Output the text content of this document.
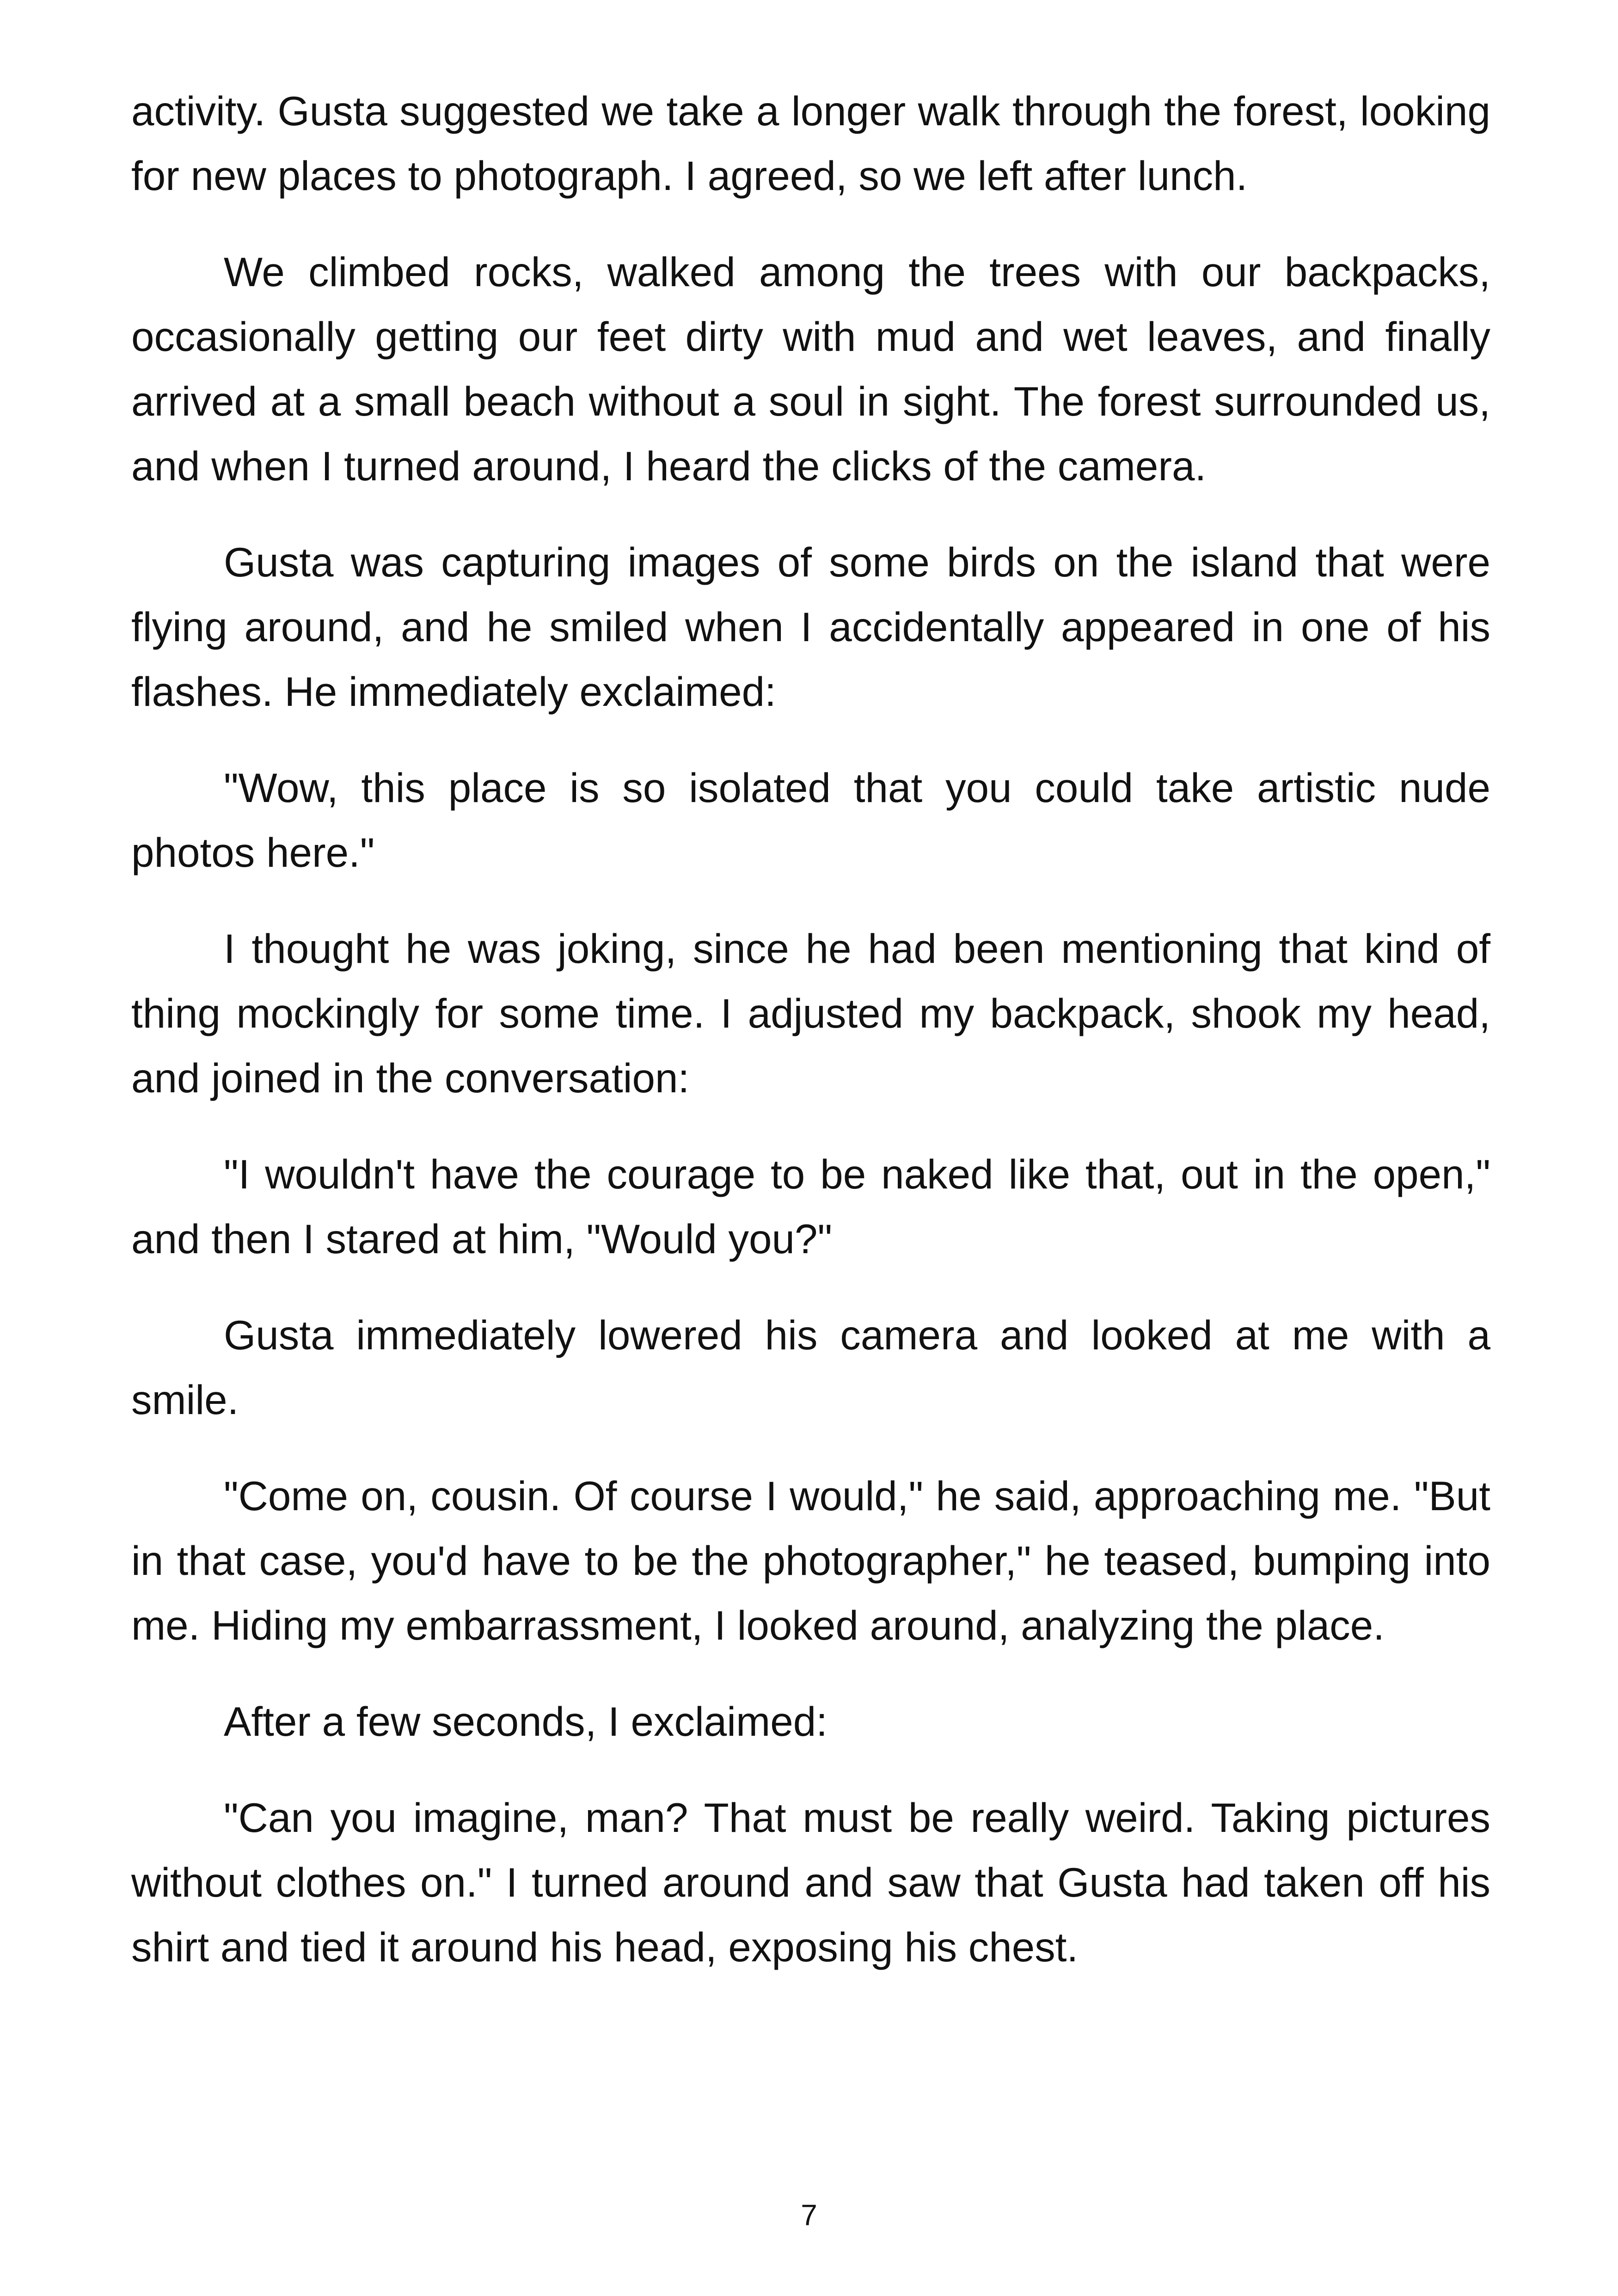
activity. Gusta suggested we take a longer walk through the forest, looking for new places to photograph. I agreed, so we left after lunch.

We climbed rocks, walked among the trees with our backpacks, occasionally getting our feet dirty with mud and wet leaves, and finally arrived at a small beach without a soul in sight. The forest surrounded us, and when I turned around, I heard the clicks of the camera.

Gusta was capturing images of some birds on the island that were flying around, and he smiled when I accidentally appeared in one of his flashes. He immediately exclaimed:

"Wow, this place is so isolated that you could take artistic nude photos here."

I thought he was joking, since he had been mentioning that kind of thing mockingly for some time. I adjusted my backpack, shook my head, and joined in the conversation:

"I wouldn't have the courage to be naked like that, out in the open," and then I stared at him, "Would you?"

Gusta immediately lowered his camera and looked at me with a smile.

"Come on, cousin. Of course I would," he said, approaching me. "But in that case, you'd have to be the photographer," he teased, bumping into me. Hiding my embarrassment, I looked around, analyzing the place.

After a few seconds, I exclaimed:

"Can you imagine, man? That must be really weird. Taking pictures without clothes on." I turned around and saw that Gusta had taken off his shirt and tied it around his head, exposing his chest.

7
